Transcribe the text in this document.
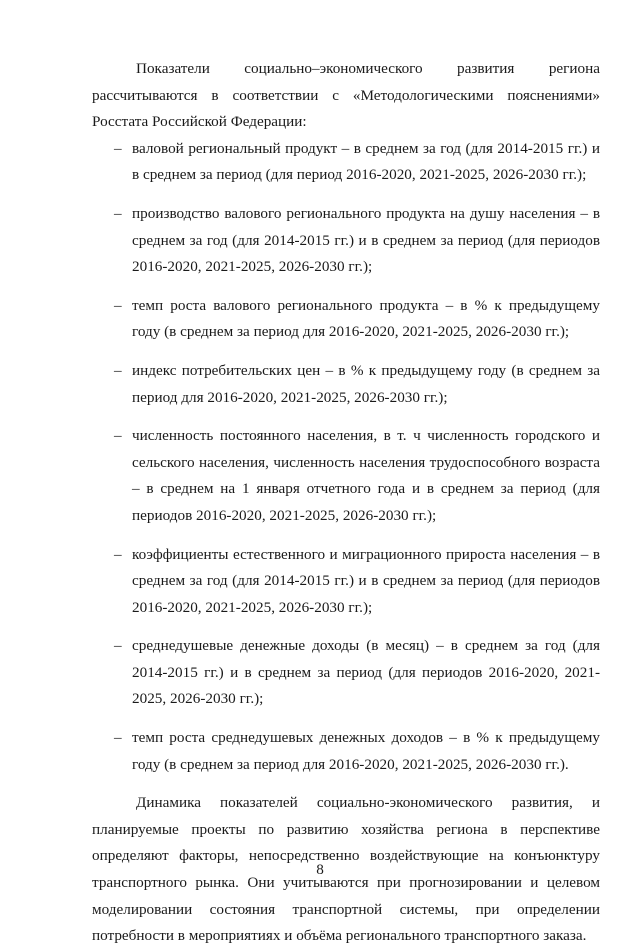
Показатели социально–экономического развития региона рассчитываются в соответствии с «Методологическими пояснениями» Росстата Российской Федерации:

– валовой региональный продукт – в среднем за год (для 2014-2015 гг.) и в среднем за период (для период 2016-2020, 2021-2025, 2026-2030 гг.);
– производство валового регионального продукта на душу населения – в среднем за год (для 2014-2015 гг.) и в среднем за период (для периодов 2016-2020, 2021-2025, 2026-2030 гг.);
– темп роста валового регионального продукта – в % к предыдущему году (в среднем за период для 2016-2020, 2021-2025, 2026-2030 гг.);
– индекс потребительских цен – в % к предыдущему году (в среднем за период для 2016-2020, 2021-2025, 2026-2030 гг.);
– численность постоянного населения, в т. ч численность городского и сельского населения, численность населения трудоспособного возраста – в среднем на 1 января отчетного года и в среднем за период (для периодов 2016-2020, 2021-2025, 2026-2030 гг.);
– коэффициенты естественного и миграционного прироста населения – в среднем за год (для 2014-2015 гг.) и в среднем за период (для периодов 2016-2020, 2021-2025, 2026-2030 гг.);
– среднедушевые денежные доходы (в месяц) – в среднем за год (для 2014-2015 гг.) и в среднем за период (для периодов 2016-2020, 2021-2025, 2026-2030 гг.);
– темп роста среднедушевых денежных доходов – в % к предыдущему году (в среднем за период для 2016-2020, 2021-2025, 2026-2030 гг.).

Динамика показателей социально-экономического развития, и планируемые проекты по развитию хозяйства региона в перспективе определяют факторы, непосредственно воздействующие на конъюнктуру транспортного рынка. Они учитываются при прогнозировании и целевом моделировании состояния транспортной системы, при определении потребности в мероприятиях и объёма регионального транспортного заказа.

8
